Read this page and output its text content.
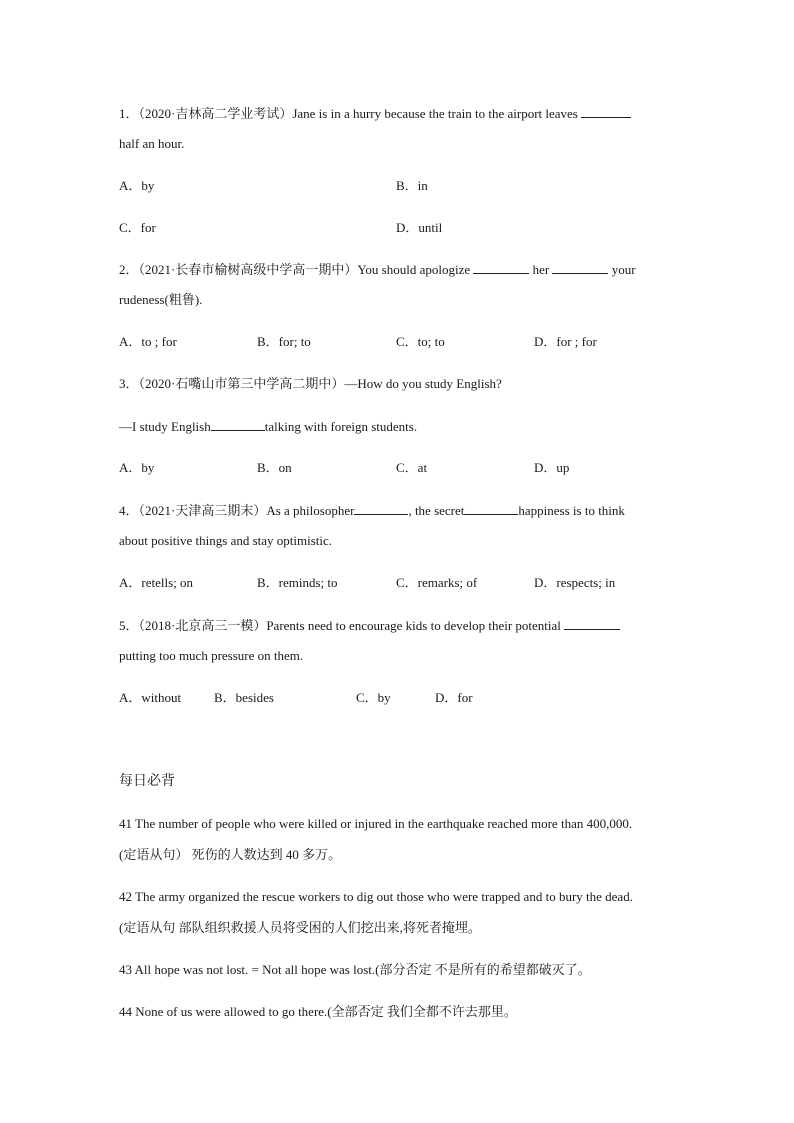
1．（2020·吉林高二学业考试）Jane is in a hurry because the train to the airport leaves
half an hour.
A．by	B．in
C．for	D．until
2．（2021·长春市榆树高级中学高一期中）You should apologize	her	your
rudeness(粗鲁).
A．to ; for	B．for; to	C．to; to	D．for ; for
3．（2020·石嘴山市第三中学高二期中）—How do you study English?
—I study English	talking with foreign students.
A．by	B．on	C．at	D．up
4．（2021·天津高三期末）As a philosopher	, the secret	happiness is to think
about positive things and stay optimistic.
A．retells; on	B．reminds; to	C．remarks; of	D．respects; in
5．（2018·北京高三一模）Parents need to encourage kids to develop their potential
putting too much pressure on them.
A．without	B．besides	C．by	D．for
每日必背
41 The number of people who were killed or injured in the earthquake reached more than 400,000.
(定语从句） 死伤的人数达到 40 多万。
42 The army organized the rescue workers to dig out those who were trapped and to bury the dead.
(定语从句 部队组织救援人员将受困的人们挖出来,将死者掩埋。
43 All hope was not lost. = Not all hope was lost.(部分否定 不是所有的希望都破灭了。
44 None of us were allowed to go there.(全部否定 我们全都不许去那里。
